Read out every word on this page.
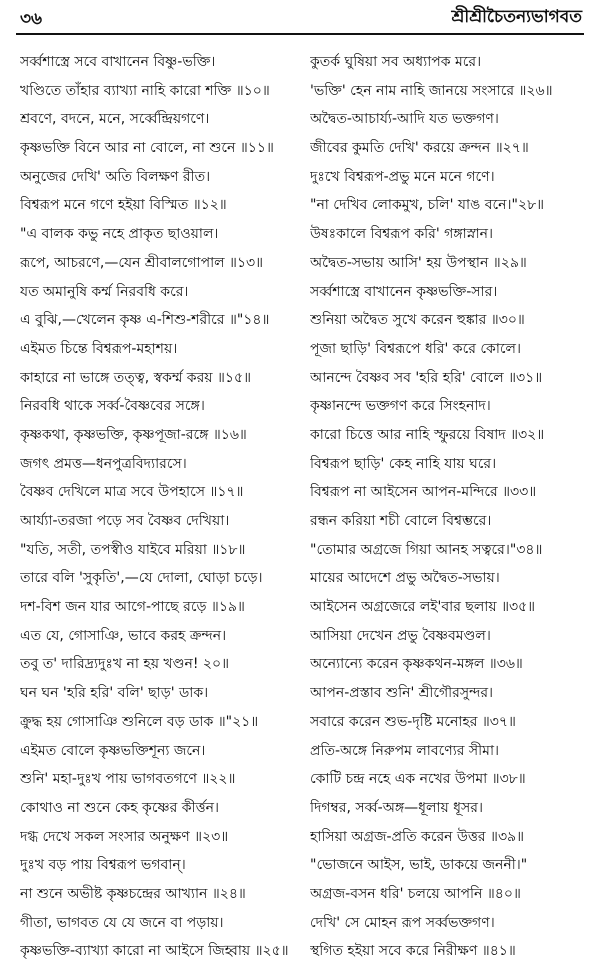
৩৬	শ্রীশ্রীচৈতন্যভাগবত
সর্ব্বশাস্ত্রে সবে বাখানেন বিষ্ণু-ভক্তি।
খণ্ডিতে তাঁহার ব্যাখ্যা নাহি কারো শক্তি ॥১০॥
শ্রবণে, বদনে, মনে, সর্ব্বেন্দ্রিয়গণে।
কৃষ্ণভক্তি বিনে আর না বোলে, না শুনে ॥১১॥
অনুজের দেখি' অতি বিলক্ষণ রীত।
বিশ্বরূপ মনে গণে হইয়া বিস্মিত ॥১২॥
"এ বালক কভু নহে প্রাকৃত ছাওয়াল।
রূপে, আচরণে,—যেন শ্রীবালগোপাল ॥১৩॥
যত অমানুষি কর্ম্ম নিরবধি করে।
এ বুঝি,—খেলেন কৃষ্ণ এ-শিশু-শরীরে ॥"১৪॥
এইমত চিন্তে বিশ্বরূপ-মহাশয়।
কাহারে না ভাঙ্গে তত্ত্ব, স্বকর্ম্ম করয় ॥১৫॥
নিরবধি থাকে সর্ব্ব-বৈষ্ণবের সঙ্গে।
কৃষ্ণকথা, কৃষ্ণভক্তি, কৃষ্ণপূজা-রঙ্গে ॥১৬॥
জগৎ প্রমত্ত—ধনপুত্রবিদ্যারসে।
বৈষ্ণব দেখিলে মাত্র সবে উপহাসে ॥১৭॥
আর্য্যা-তরজা পড়ে সব বৈষ্ণব দেখিয়া।
"যতি, সতী, তপস্বীও যাইবে মরিয়া ॥১৮॥
তারে বলি 'সুকৃতি',—যে দোলা, ঘোড়া চড়ে।
দশ-বিশ জন যার আগে-পাছে রড়ে ॥১৯॥
এত যে, গোসাঞি, ভাবে করহ ক্রন্দন।
তবু ত' দারিদ্র্যদুঃখ না হয় খণ্ডন! ২০॥
ঘন ঘন 'হরি হরি' বলি' ছাড়' ডাক।
ক্রুদ্ধ হয় গোসাঞি শুনিলে বড় ডাক ॥"২১॥
এইমত বোলে কৃষ্ণভক্তিশূন্য জনে।
শুনি' মহা-দুঃখ পায় ভাগবতগণে ॥২২॥
কোথাও না শুনে কেহ কৃষ্ণের কীর্ত্তন।
দগ্ধ দেখে সকল সংসার অনুক্ষণ ॥২৩॥
দুঃখ বড় পায় বিশ্বরূপ ভগবান্।
না শুনে অভীষ্ট কৃষ্ণচন্দ্রের আখ্যান ॥২৪॥
গীতা, ভাগবত যে যে জনে বা পড়ায়।
কৃষ্ণভক্তি-ব্যাখ্যা কারো না আইসে জিহ্বায় ॥২৫॥
কুতর্ক ঘুষিয়া সব অধ্যাপক মরে।
'ভক্তি' হেন নাম নাহি জানয়ে সংসারে ॥২৬॥
অদ্বৈত-আচার্য্য-আদি যত ভক্তগণ।
জীবের কুমতি দেখি' করয়ে ক্রন্দন ॥২৭॥
দুঃখে বিশ্বরূপ-প্রভু মনে মনে গণে।
"না দেখিব লোকমুখ, চলি' যাঙ বনে।"২৮॥
উষঃকালে বিশ্বরূপ করি' গঙ্গাস্নান।
অদ্বৈত-সভায় আসি' হয় উপস্থান ॥২৯॥
সর্ব্বশাস্ত্রে বাখানেন কৃষ্ণভক্তি-সার।
শুনিয়া অদ্বৈত সুখে করেন হুঙ্কার ॥৩০॥
পূজা ছাড়ি' বিশ্বরূপে ধরি' করে কোলে।
আনন্দে বৈষ্ণব সব 'হরি হরি' বোলে ॥৩১॥
কৃষ্ণানন্দে ভক্তগণ করে সিংহনাদ।
কারো চিত্তে আর নাহি স্ফুরয়ে বিষাদ ॥৩২॥
বিশ্বরূপ ছাড়ি' কেহ নাহি যায় ঘরে।
বিশ্বরূপ না আইসেন আপন-মন্দিরে ॥৩৩॥
রন্ধন করিয়া শচী বোলে বিশ্বম্ভরে।
"তোমার অগ্রজে গিয়া আনহ সত্বরে।"৩৪॥
মায়ের আদেশে প্রভু অদ্বৈত-সভায়।
আইসেন অগ্রজেরে লই'বার ছলায় ॥৩৫॥
আসিয়া দেখেন প্রভু বৈষ্ণবমণ্ডল।
অন্যোন্যে করেন কৃষ্ণকথন-মঙ্গল ॥৩৬॥
আপন-প্রস্তাব শুনি' শ্রীগৌরসুন্দর।
সবারে করেন শুভ-দৃষ্টি মনোহর ॥৩৭॥
প্রতি-অঙ্গে নিরুপম লাবণ্যের সীমা।
কোটি চন্দ্র নহে এক নখের উপমা ॥৩৮॥
দিগম্বর, সর্ব্ব-অঙ্গ—ধূলায় ধূসর।
হাসিয়া অগ্রজ-প্রতি করেন উত্তর ॥৩৯॥
"ভোজনে আইস, ভাই, ডাকয়ে জননী।"
অগ্রজ-বসন ধরি' চলয়ে আপনি ॥৪০॥
দেখি' সে মোহন রূপ সর্ব্বভক্তগণ।
স্থগিত হইয়া সবে করে নিরীক্ষণ ॥৪১॥
